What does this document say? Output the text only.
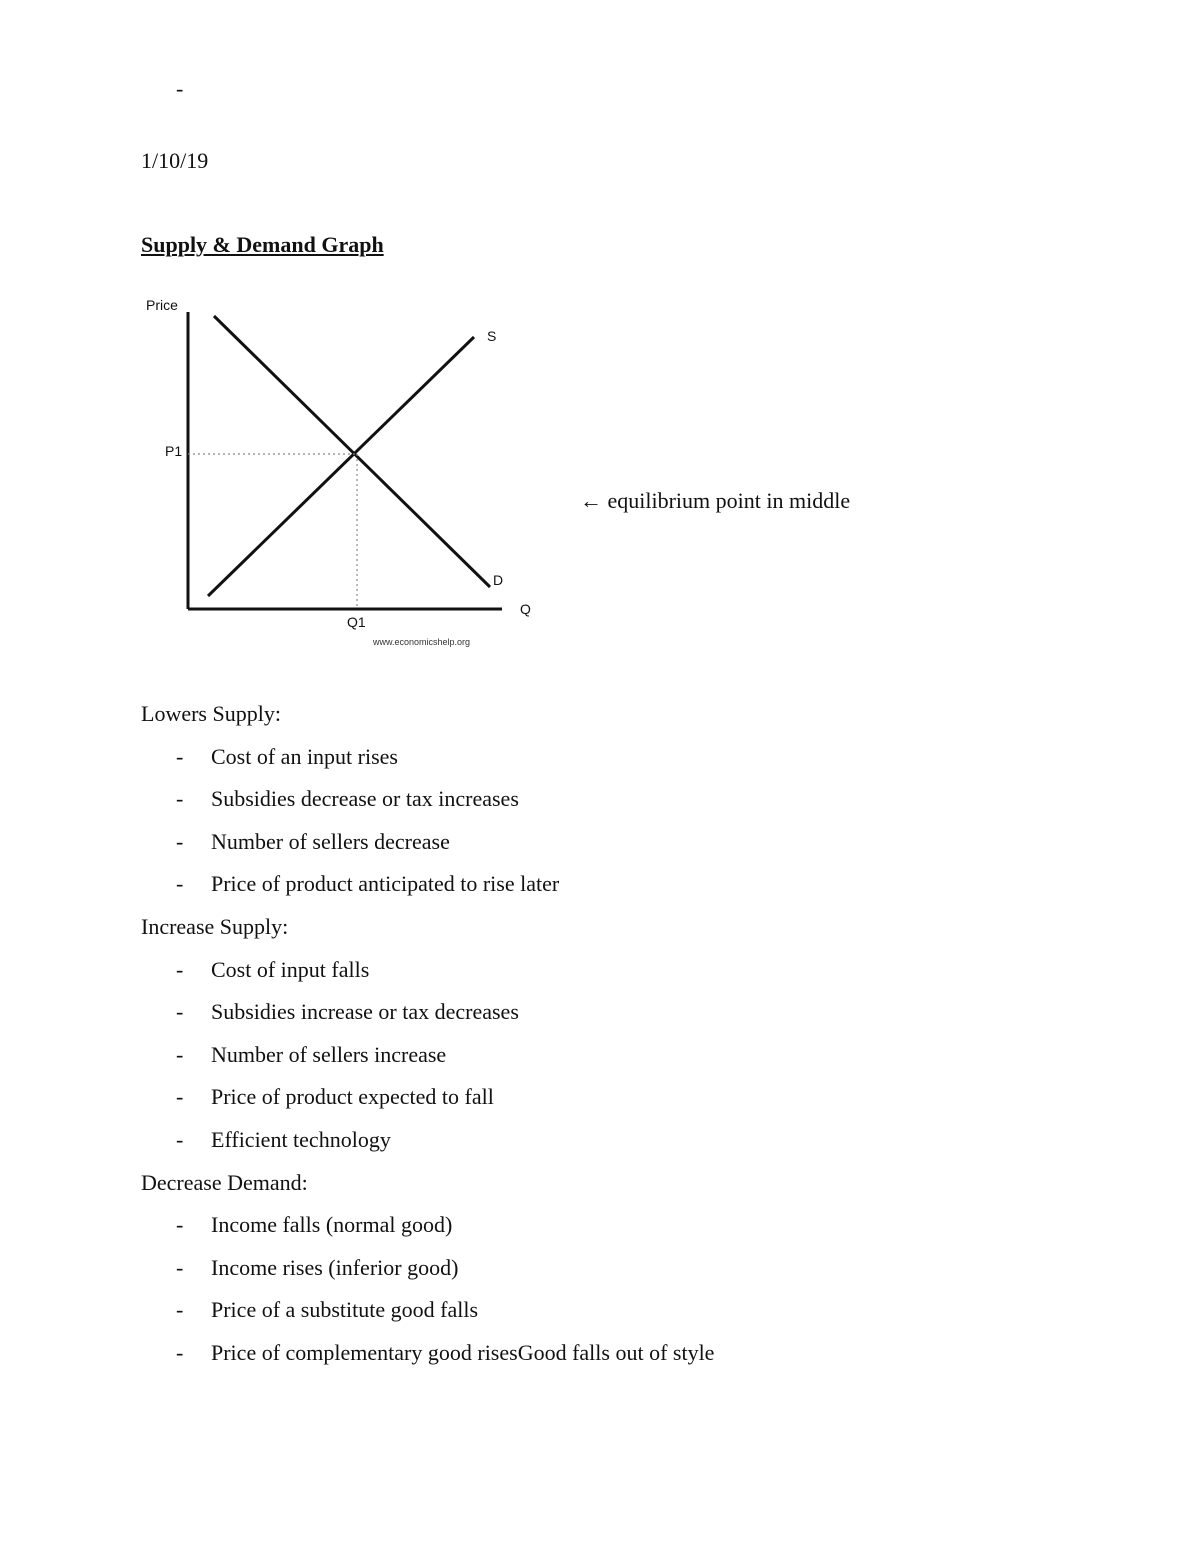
-
1/10/19
Supply & Demand Graph
Price
P1
S
D
Q
Q1
www.economicshelp.org
← equilibrium point in middle
Lowers Supply:
- Cost of an input rises
- Subsidies decrease or tax increases
- Number of sellers decrease
- Price of product anticipated to rise later
Increase Supply:
- Cost of input falls
- Subsidies increase or tax decreases
- Number of sellers increase
- Price of product expected to fall
- Efficient technology
Decrease Demand:
- Income falls (normal good)
- Income rises (inferior good)
- Price of a substitute good falls
- Price of complementary good risesGood falls out of style
